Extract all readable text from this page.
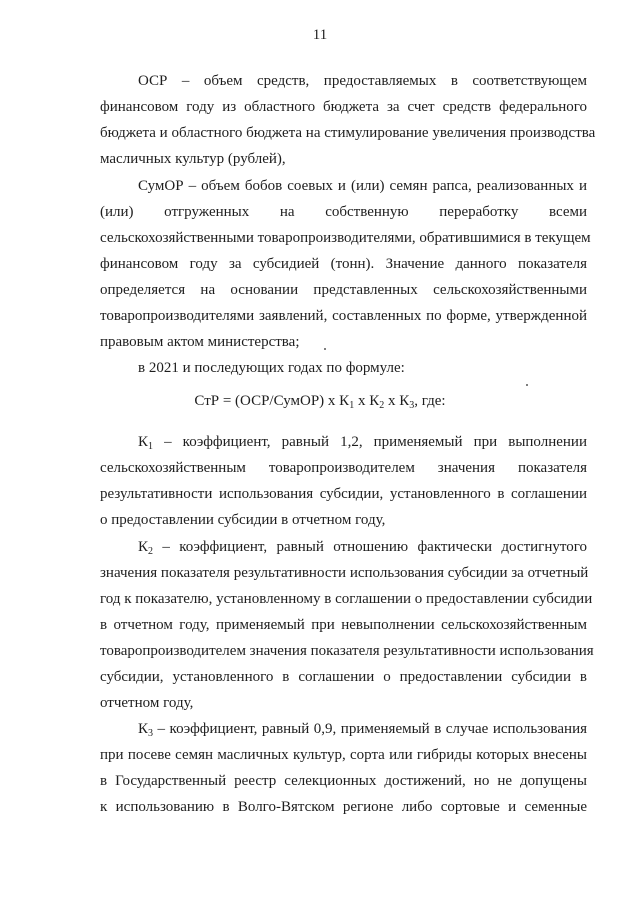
11
ОСР – объем средств, предоставляемых в соответствующем
финансовом году из областного бюджета за счет средств федерального
бюджета и областного бюджета на стимулирование увеличения производства
масличных культур (рублей),
СумОР – объем бобов соевых и (или) семян рапса, реализованных и
(или) отгруженных на собственную переработку всеми
сельскохозяйственными товаропроизводителями, обратившимися в текущем
финансовом году за субсидией (тонн). Значение данного показателя
определяется на основании представленных сельскохозяйственными
товаропроизводителями заявлений, составленных по форме, утвержденной
правовым актом министерства;
в 2021 и последующих годах по формуле:
СтР = (ОСР/СумОР) х $К_1$ х $К_2$ х $К_3$, где:
$К_1$ – коэффициент, равный 1,2, применяемый при выполнении
сельскохозяйственным товаропроизводителем значения показателя
результативности использования субсидии, установленного в соглашении
о предоставлении субсидии в отчетном году,
$К_2$ – коэффициент, равный отношению фактически достигнутого
значения показателя результативности использования субсидии за отчетный
год к показателю, установленному в соглашении о предоставлении субсидии
в отчетном году, применяемый при невыполнении сельскохозяйственным
товаропроизводителем значения показателя результативности использования
субсидии, установленного в соглашении о предоставлении субсидии в
отчетном году,
$К_3$ – коэффициент, равный 0,9, применяемый в случае использования
при посеве семян масличных культур, сорта или гибриды которых внесены
в Государственный реестр селекционных достижений, но не допущены
к использованию в Волго-Вятском регионе либо сортовые и семенные
